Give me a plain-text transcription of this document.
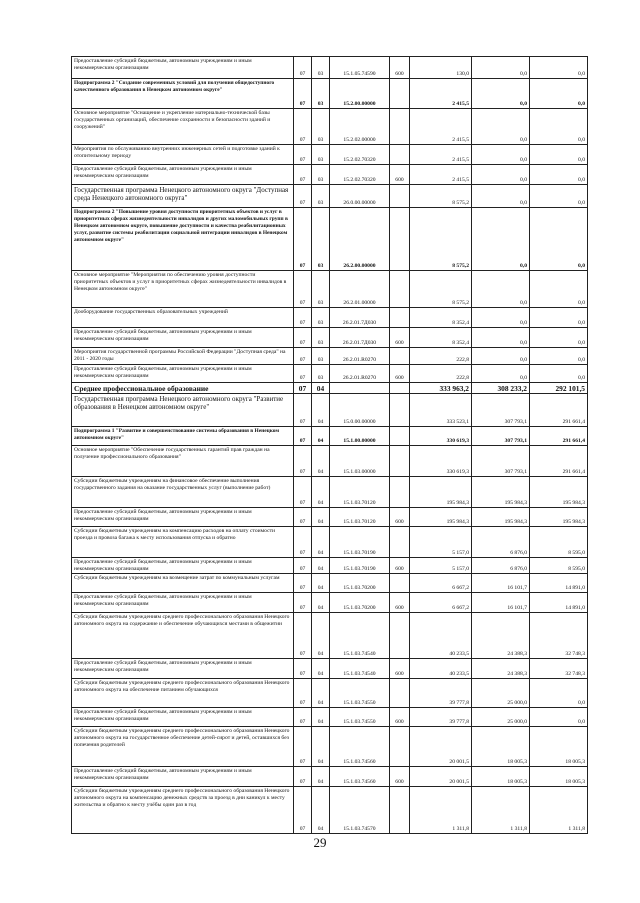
Предоставление субсидий бюджетным, автономным учреждениям и иным некоммерческим организациям	07	03	15.1.05.74590	600	130,0	0,0	0,0
Подпрограмма 2 "Создание современных условий для получения общедоступного качественного образования в Ненецком автономном округе"	07	03	15.2.00.00000		2 415,5	0,0	0,0
Основное мероприятие "Оснащение и укрепление материально-технической базы государственных организаций, обеспечение сохранности и безопасности зданий и сооружений"	07	03	15.2.02.00000		2 415,5	0,0	0,0
Мероприятия по обслуживанию внутренних инженерных сетей и подготовке зданий к отопительному периоду	07	03	15.2.02.70320		2 415,5	0,0	0,0
Предоставление субсидий бюджетным, автономным учреждениям и иным некоммерческим организациям	07	03	15.2.02.70320	600	2 415,5	0,0	0,0
Государственная программа Ненецкого автономного округа "Доступная среда Ненецкого автономного округа"	07	03	26.0.00.00000		8 575,2	0,0	0,0
Подпрограмма 2 "Повышение уровня доступности приоритетных объектов и услуг в приоритетных сферах жизнедеятельности инвалидов и других маломобильных групп в Ненецком автономном округе, повышение доступности и качества реабилитационных услуг, развитие системы реабилитации социальной интеграции инвалидов в Ненецком автономном округе"	07	03	26.2.00.00000		8 575,2	0,0	0,0
Основное мероприятие "Мероприятия по обеспечению уровня доступности приоритетных объектов и услуг в приоритетных сферах жизнедеятельности инвалидов в Ненецком автономном округе"	07	03	26.2.01.00000		8 575,2	0,0	0,0
Дооборудование государственных образовательных учреждений	07	03	26.2.01.7Д030		8 352,4	0,0	0,0
Предоставление субсидий бюджетным, автономным учреждениям и иным некоммерческим организациям	07	03	26.2.01.7Д030	600	8 352,4	0,0	0,0
Мероприятия государственной программы Российской Федерации "Доступная среда" на 2011 - 2020 годы	07	03	26.2.01.R0270		222,8	0,0	0,0
Предоставление субсидий бюджетным, автономным учреждениям и иным некоммерческим организациям	07	03	26.2.01.R0270	600	222,8	0,0	0,0
Среднее профессиональное образование	07	04			333 963,2	308 233,2	292 101,5
Государственная программа Ненецкого автономного округа "Развитие образования в Ненецком автономном округе"	07	04	15.0.00.00000		333 523,1	307 793,1	291 661,4
Подпрограмма 1 "Развитие и совершенствование системы образования в Ненецком автономном округе"	07	04	15.1.00.00000		330 619,3	307 793,1	291 661,4
Основное мероприятие "Обеспечение государственных гарантий прав граждан на получение профессионального образования"	07	04	15.1.03.00000		330 619,3	307 793,1	291 661,4
Субсидии бюджетным учреждениям на финансовое обеспечение выполнения государственного задания на оказание государственных услуг (выполнение работ)	07	04	15.1.03.70120		195 984,3	195 984,3	195 984,3
Предоставление субсидий бюджетным, автономным учреждениям и иным некоммерческим организациям	07	04	15.1.03.70120	600	195 984,3	195 984,3	195 984,3
Субсидии бюджетным учреждениям на компенсацию расходов на оплату стоимости проезда и провоза багажа к месту использования отпуска и обратно	07	04	15.1.03.70190		5 157,0	6 876,0	8 595,0
Предоставление субсидий бюджетным, автономным учреждениям и иным некоммерческим организациям	07	04	15.1.03.70190	600	5 157,0	6 876,0	8 595,0
Субсидии бюджетным учреждениям на возмещение затрат по коммунальным услугам	07	04	15.1.03.70200		6 667,2	16 101,7	14 891,0
Предоставление субсидий бюджетным, автономным учреждениям и иным некоммерческим организациям	07	04	15.1.03.70200	600	6 667,2	16 101,7	14 891,0
Субсидии бюджетным учреждениям среднего профессионального образования Ненецкого автономного округа на содержание и обеспечение обучающихся местами в общежитии	07	04	15.1.03.74540		40 233,5	24 388,3	32 748,3
Предоставление субсидий бюджетным, автономным учреждениям и иным некоммерческим организациям	07	04	15.1.03.74540	600	40 233,5	24 388,3	32 748,3
Субсидии бюджетным учреждениям среднего профессионального образования Ненецкого автономного округа на обеспечение питанием обучающихся	07	04	15.1.03.74550		39 777,8	25 000,0	0,0
Предоставление субсидий бюджетным, автономным учреждениям и иным некоммерческим организациям	07	04	15.1.03.74550	600	39 777,8	25 000,0	0,0
Субсидии бюджетным учреждениям среднего профессионального образования Ненецкого автономного округа на государственное обеспечение детей-сирот и детей, оставшихся без попечения родителей	07	04	15.1.03.74560		20 001,5	18 005,3	18 005,3
Предоставление субсидий бюджетным, автономным учреждениям и иным некоммерческим организациям	07	04	15.1.03.74560	600	20 001,5	18 005,3	18 005,3
Субсидии бюджетным учреждениям среднего профессионального образования Ненецкого автономного округа на компенсацию денежных средств за проезд в дни каникул к месту жительства и обратно к месту учёбы один раз в год	07	04	15.1.03.74570		1 311,8	1 311,8	1 311,8
29
